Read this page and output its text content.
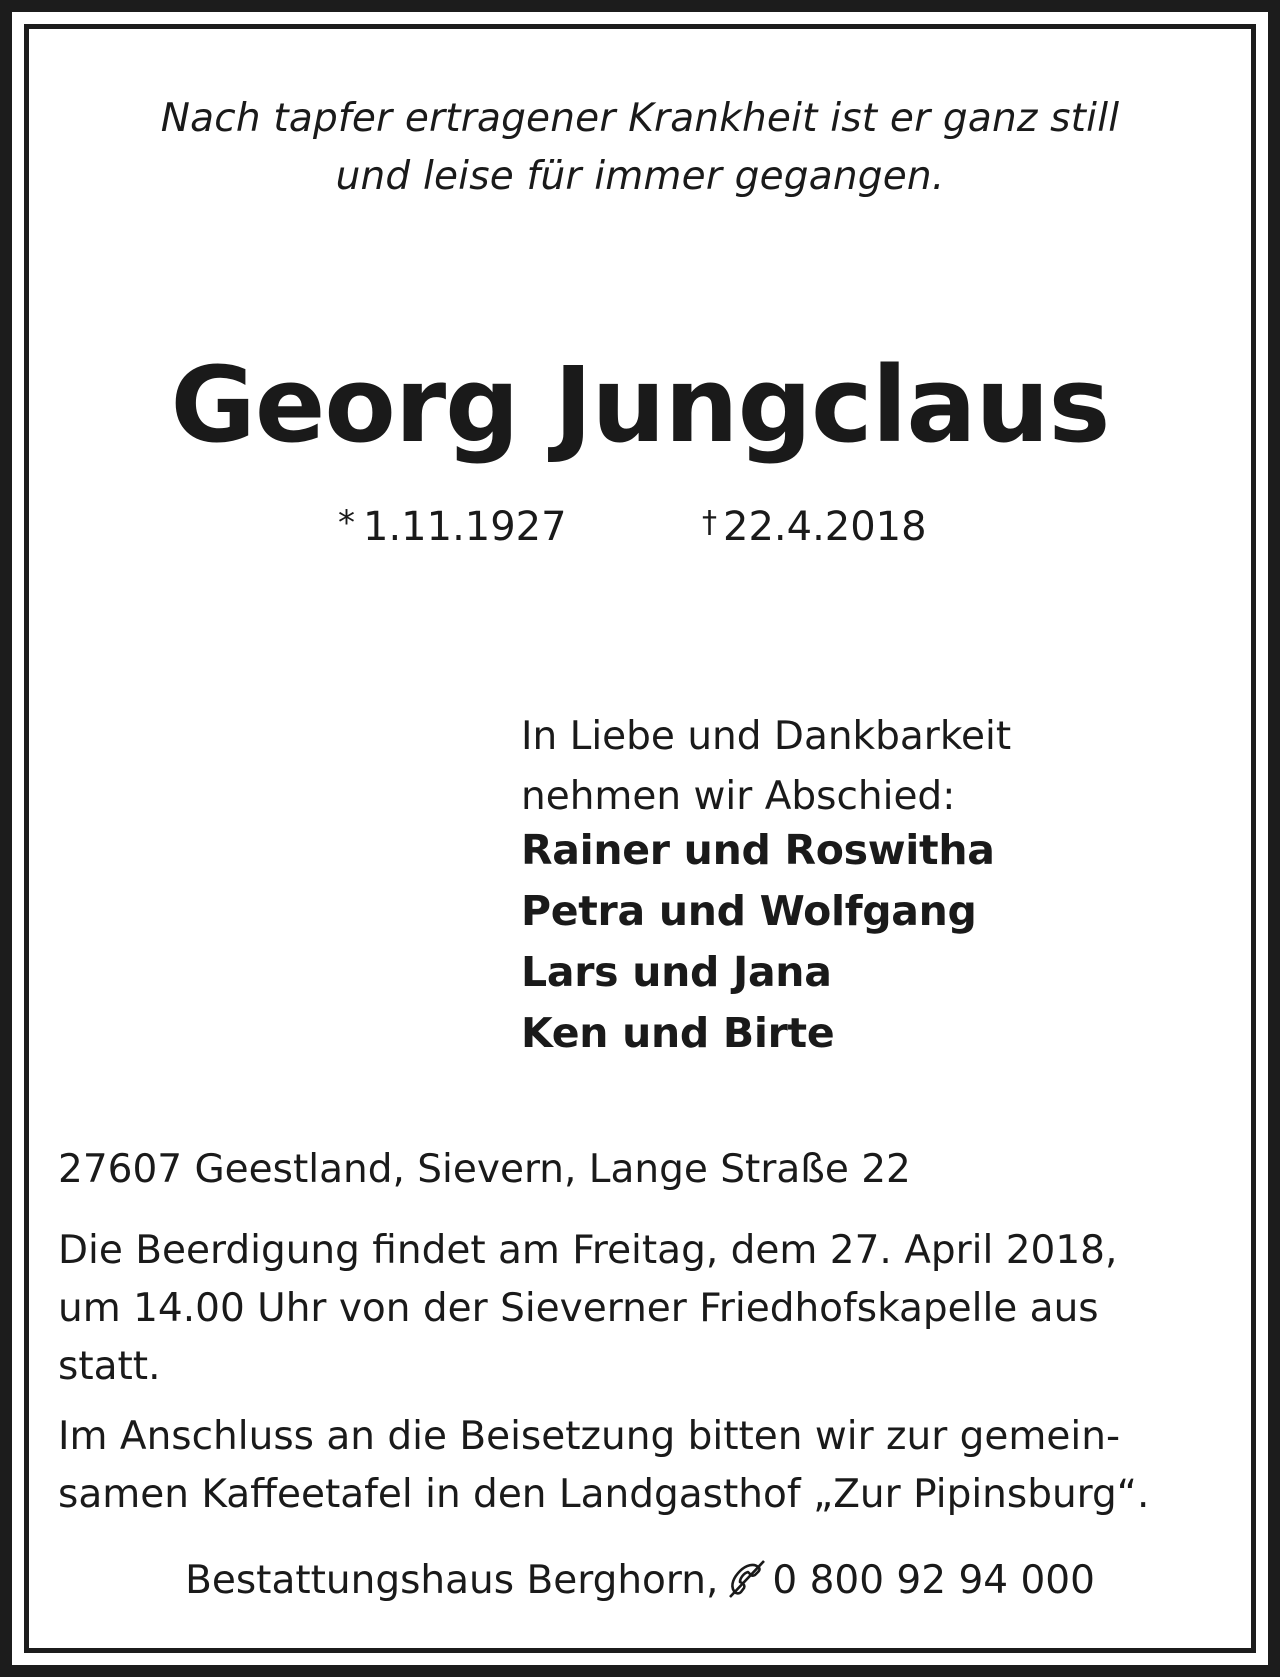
Nach tapfer ertragener Krankheit ist er ganz still
und leise für immer gegangen.
Georg Jungclaus
* 1.11.1927	† 22.4.2018
In Liebe und Dankbarkeit
nehmen wir Abschied:
Rainer und Roswitha
Petra und Wolfgang
Lars und Jana
Ken und Birte
27607 Geestland, Sievern, Lange Straße 22
Die Beerdigung findet am Freitag, dem 27. April 2018,
um 14.00 Uhr von der Sieverner Friedhofskapelle aus
statt.
Im Anschluss an die Beisetzung bitten wir zur gemein-
samen Kaffeetafel in den Landgasthof „Zur Pipinsburg“.
Bestattungshaus Berghorn, 0 800 92 94 000
